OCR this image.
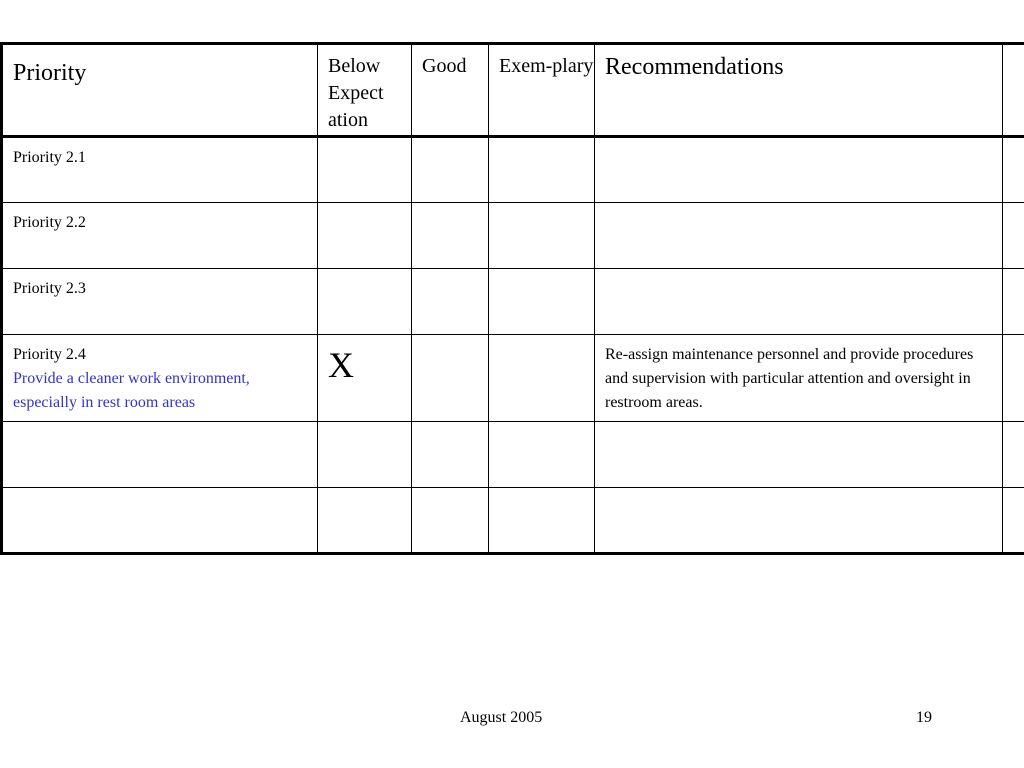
Priority	Below Expect ation	Good	Exem-plary	Recommendations	

Priority 2.1					

Priority 2.2					

Priority 2.3					

Priority 2.4
Provide a cleaner work environment, especially in rest room areas	X			Re-assign maintenance personnel and provide procedures and supervision with particular attention and oversight in restroom areas.	

August 2005	19
